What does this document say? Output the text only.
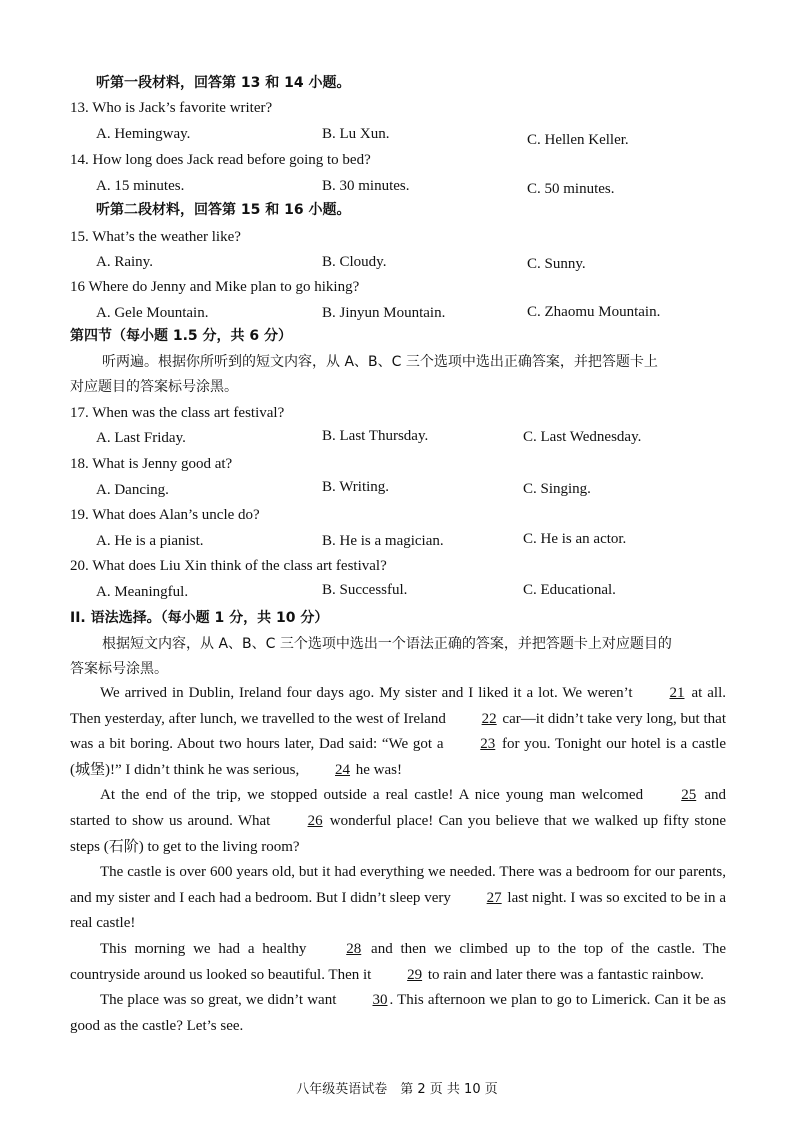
听第一段材料，回答第 13 和 14 小题。
13. Who is Jack’s favorite writer?
A. Hemingway.	B. Lu Xun.	C. Hellen Keller.
14. How long does Jack read before going to bed?
A. 15 minutes.	B. 30 minutes.	C. 50 minutes.
听第二段材料，回答第 15 和 16 小题。
15. What’s the weather like?
A. Rainy.	B. Cloudy.	C. Sunny.
16 Where do Jenny and Mike plan to go hiking?
A. Gele Mountain.	B. Jinyun Mountain.	C. Zhaomu Mountain.
第四节（每小题 1.5 分，共 6 分）
听两遍。根据你所听到的短文内容，从 A、B、C 三个选项中选出正确答案，并把答题卡上
对应题目的答案标号涂黑。
17. When was the class art festival?
A. Last Friday.	B. Last Thursday.	C. Last Wednesday.
18. What is Jenny good at?
A. Dancing.	B. Writing.	C. Singing.
19. What does Alan’s uncle do?
A. He is a pianist.	B. He is a magician.	C. He is an actor.
20. What does Liu Xin think of the class art festival?
A. Meaningful.	B. Successful.	C. Educational.
II. 语法选择。（每小题 1 分，共 10 分）
根据短文内容，从 A、B、C 三个选项中选出一个语法正确的答案，并把答题卡上对应题目的
答案标号涂黑。

We arrived in Dublin, Ireland four days ago. My sister and I liked it a lot. We weren’t 21 at all. Then yesterday, after lunch, we travelled to the west of Ireland 22 car—it didn’t take very long, but that was a bit boring. About two hours later, Dad said: “We got a 23 for you. Tonight our hotel is a castle (城堡)!” I didn’t think he was serious, 24 he was!

At the end of the trip, we stopped outside a real castle! A nice young man welcomed	25 and started to show us around. What 26 wonderful place! Can you believe that we walked up fifty stone steps (石阶) to get to the living room?

The castle is over 600 years old, but it had everything we needed. There was a bedroom for our parents, and my sister and I each had a bedroom. But I didn’t sleep very 27 last night. I was so excited to be in a real castle!

This morning we had a healthy	28 and then we climbed up to the top of the castle. The countryside around us looked so beautiful. Then it 29 to rain and later there was a fantastic rainbow.

The place was so great, we didn’t want 30 . This afternoon we plan to go to Limerick. Can it be as good as the castle? Let’s see.

八年级英语试卷　第 2 页 共 10 页
